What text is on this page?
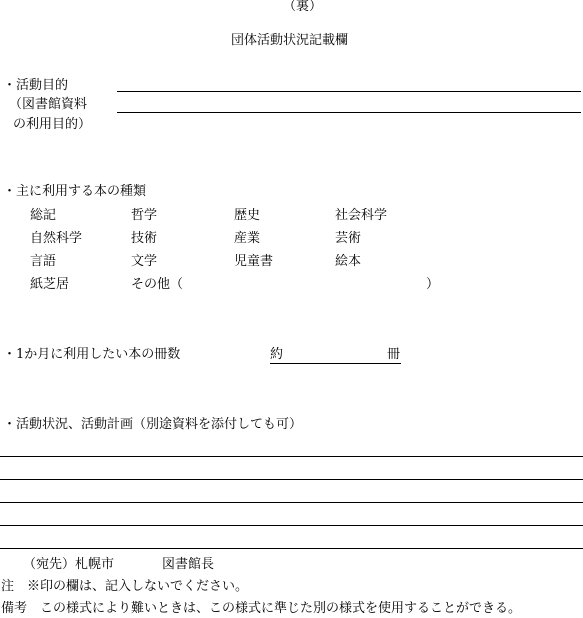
（裏）
団体活動状況記載欄
・活動目的
（図書館資料
の利用目的）
・主に利用する本の種類
総記	哲学	歴史	社会科学
自然科学	技術	産業	芸術
言語	文学	児童書	絵本
紙芝居	その他（	）
・1か月に利用したい本の冊数	約	冊
・活動状況、活動計画（別途資料を添付しても可）
（宛先）札幌市	図書館長
注　※印の欄は、記入しないでください。
備考　この様式により難いときは、この様式に準じた別の様式を使用することができる。
